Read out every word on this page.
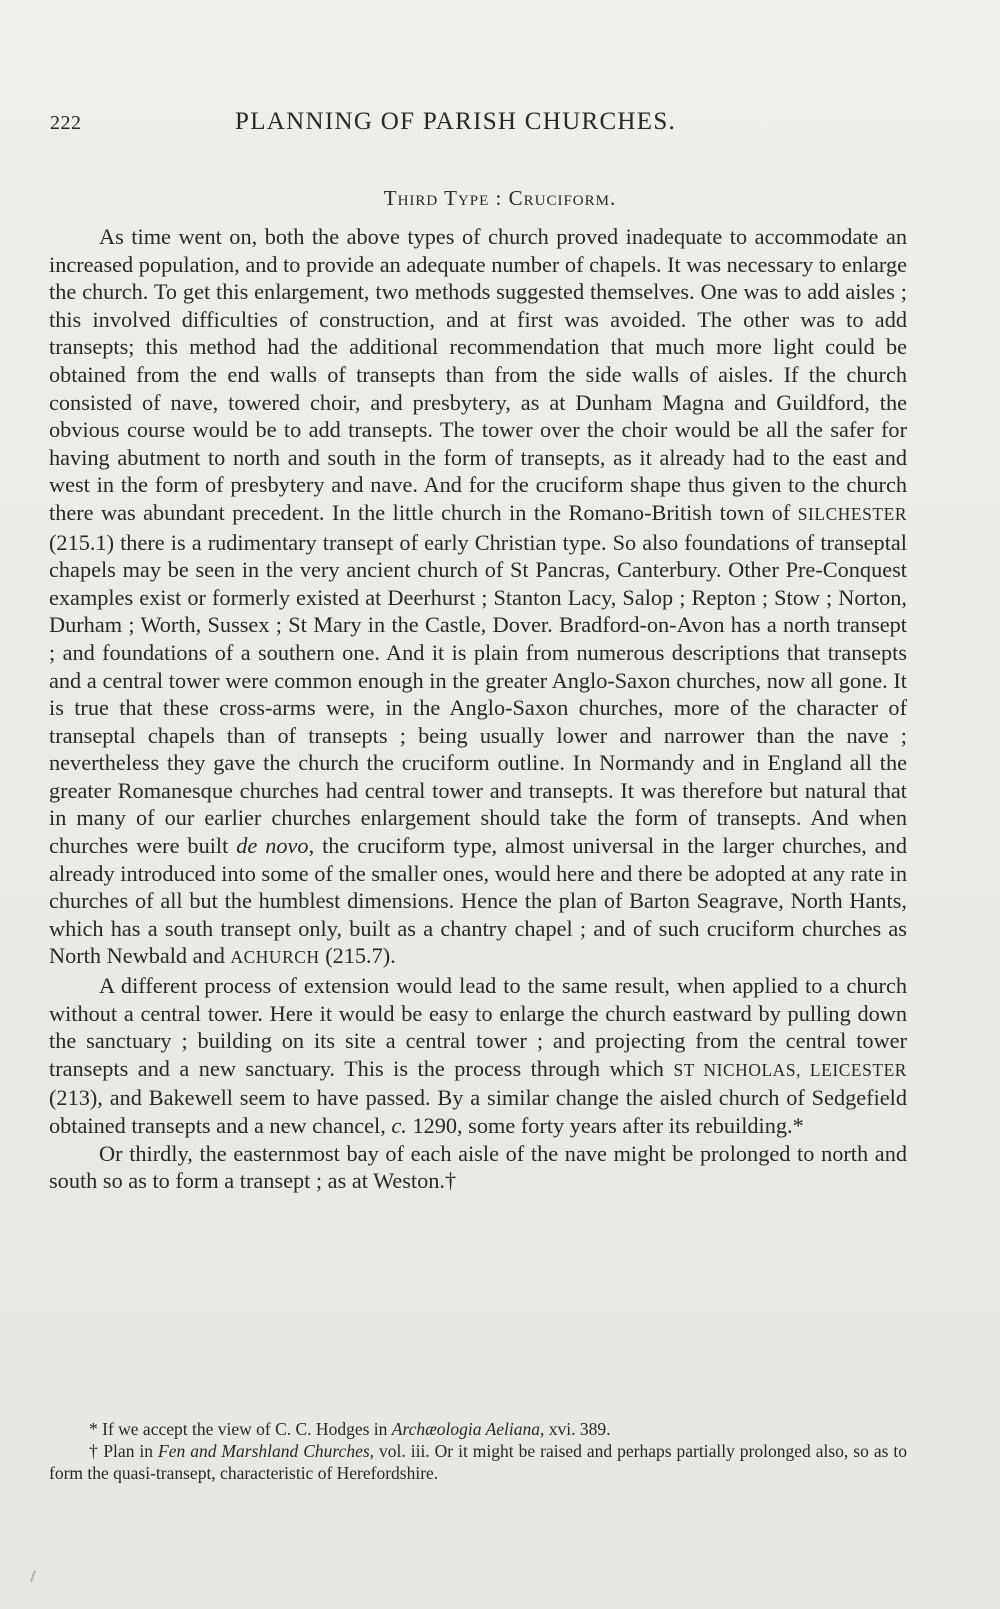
222	PLANNING OF PARISH CHURCHES.
Third Type : Cruciform.

As time went on, both the above types of church proved inadequate to accommodate an increased population, and to provide an adequate number of chapels. It was necessary to enlarge the church. To get this enlargement, two methods suggested themselves. One was to add aisles ; this involved difficulties of construction, and at first was avoided. The other was to add transepts; this method had the additional recommendation that much more light could be obtained from the end walls of transepts than from the side walls of aisles. If the church consisted of nave, towered choir, and presbytery, as at Dunham Magna and Guildford, the obvious course would be to add transepts. The tower over the choir would be all the safer for having abutment to north and south in the form of transepts, as it already had to the east and west in the form of presbytery and nave. And for the cruciform shape thus given to the church there was abundant precedent. In the little church in the Romano-British town of SILCHESTER (215.1) there is a rudimentary transept of early Christian type. So also foundations of transeptal chapels may be seen in the very ancient church of St Pancras, Canterbury. Other Pre-Conquest examples exist or formerly existed at Deerhurst ; Stanton Lacy, Salop ; Repton ; Stow ; Norton, Durham ; Worth, Sussex ; St Mary in the Castle, Dover. Bradford-on-Avon has a north transept ; and foundations of a southern one. And it is plain from numerous descriptions that transepts and a central tower were common enough in the greater Anglo-Saxon churches, now all gone. It is true that these cross-arms were, in the Anglo-Saxon churches, more of the character of transeptal chapels than of transepts ; being usually lower and narrower than the nave ; nevertheless they gave the church the cruciform outline. In Normandy and in England all the greater Romanesque churches had central tower and transepts. It was therefore but natural that in many of our earlier churches enlargement should take the form of transepts. And when churches were built de novo, the cruciform type, almost universal in the larger churches, and already introduced into some of the smaller ones, would here and there be adopted at any rate in churches of all but the humblest dimensions. Hence the plan of Barton Seagrave, North Hants, which has a south transept only, built as a chantry chapel ; and of such cruciform churches as North Newbald and ACHURCH (215.7).

A different process of extension would lead to the same result, when applied to a church without a central tower. Here it would be easy to enlarge the church eastward by pulling down the sanctuary ; building on its site a central tower ; and projecting from the central tower transepts and a new sanctuary. This is the process through which ST NICHOLAS, LEICESTER (213), and Bakewell seem to have passed. By a similar change the aisled church of Sedgefield obtained transepts and a new chancel, c. 1290, some forty years after its rebuilding.*

Or thirdly, the easternmost bay of each aisle of the nave might be prolonged to north and south so as to form a transept ; as at Weston.†

* If we accept the view of C. C. Hodges in Archæologia Aeliana, xvi. 389.

† Plan in Fen and Marshland Churches, vol. iii. Or it might be raised and perhaps partially prolonged also, so as to form the quasi-transept, characteristic of Herefordshire.
